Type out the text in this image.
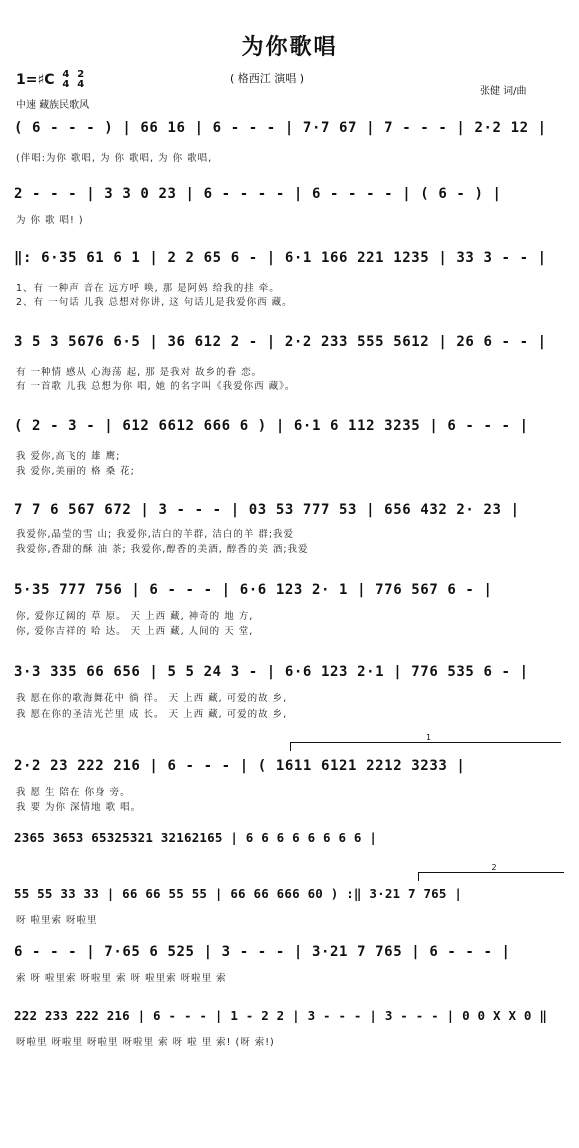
为你歌唱
( 格西江 演唱 )
1=♯C 4
4 2
4
中速 藏族民歌风
张健 词/曲
( 6 - - - ) | 66 16 | 6 - - - | 7·7 67 | 7 - - - | 2·2 12 |
(伴唱:为你 歌唱, 为 你 歌唱, 为 你 歌唱,
2 - - - | 3 3 0 23 | 6 - - - - | 6 - - - - | ( 6 - ) |
为 你 歌 唱! )
‖: 6·35 61 6 1 | 2 2 65 6 - | 6·1 166 221 1235 | 33 3 - - |
1、有 一种声 音在 远方呼 唤, 那 是阿妈 给我的挂 牵。
2、有 一句话 儿我 总想对你讲, 这 句话儿是我爱你西 藏。
3 5 3 5676 6·5 | 36 612 2 - | 2·2 233 555 5612 | 26 6 - - |
有 一种情 感从 心海荡 起, 那 是我对 故乡的眷 恋。
有 一首歌 儿我 总想为你 唱, 她 的名字叫《我爱你西 藏》。
( 2 - 3 - | 612 6612 666 6 ) | 6·1 6 112 3235 | 6 - - - |
我 爱你,高飞的 雄 鹰;
我 爱你,美丽的 格 桑 花;
7 7 6 567 672 | 3 - - - | 03 53 777 53 | 656 432 2· 23 |
我爱你,晶莹的雪 山; 我爱你,洁白的羊群, 洁白的羊 群;我爱
我爱你,香甜的酥 油 茶; 我爱你,醇香的美酒, 醇香的美 酒;我爱
5·35 777 756 | 6 - - - | 6·6 123 2· 1 | 776 567 6 - |
你, 爱你辽阔的 草 原。 天 上西 藏, 神奇的 地 方,
你, 爱你吉祥的 哈 达。 天 上西 藏, 人间的 天 堂,
3·3 335 66 656 | 5 5 24 3 - | 6·6 123 2·1 | 776 535 6 - |
我 愿在你的歌海舞花中 徜 徉。 天 上西 藏, 可爱的故 乡,
我 愿在你的圣洁光芒里 成 长。 天 上西 藏, 可爱的故 乡,
1
2·2 23 222 216 | 6 - - - | ( 1611 6121 2212 3233 |
我 愿 生 陪在 你身 旁。
我 要 为你 深情地 歌 唱。
2365 3653 65325321 32162165 | 6 6 6 6 6 6 6 6 |
2
55 55 33 33 | 66 66 55 55 | 66 66 666 60 ) :‖ 3·21 7 765 |
呀 啦里索 呀啦里
6 - - - | 7·65 6 525 | 3 - - - | 3·21 7 765 | 6 - - - |
索 呀 啦里索 呀啦里 索 呀 啦里索 呀啦里 索
222 233 222 216 | 6 - - - | 1 - 2 2 | 3 - - - | 3 - - - | 0 0 X X 0 ‖
呀啦里 呀啦里 呀啦里 呀啦里 索 呀 啦 里 索! (呀 索!)
